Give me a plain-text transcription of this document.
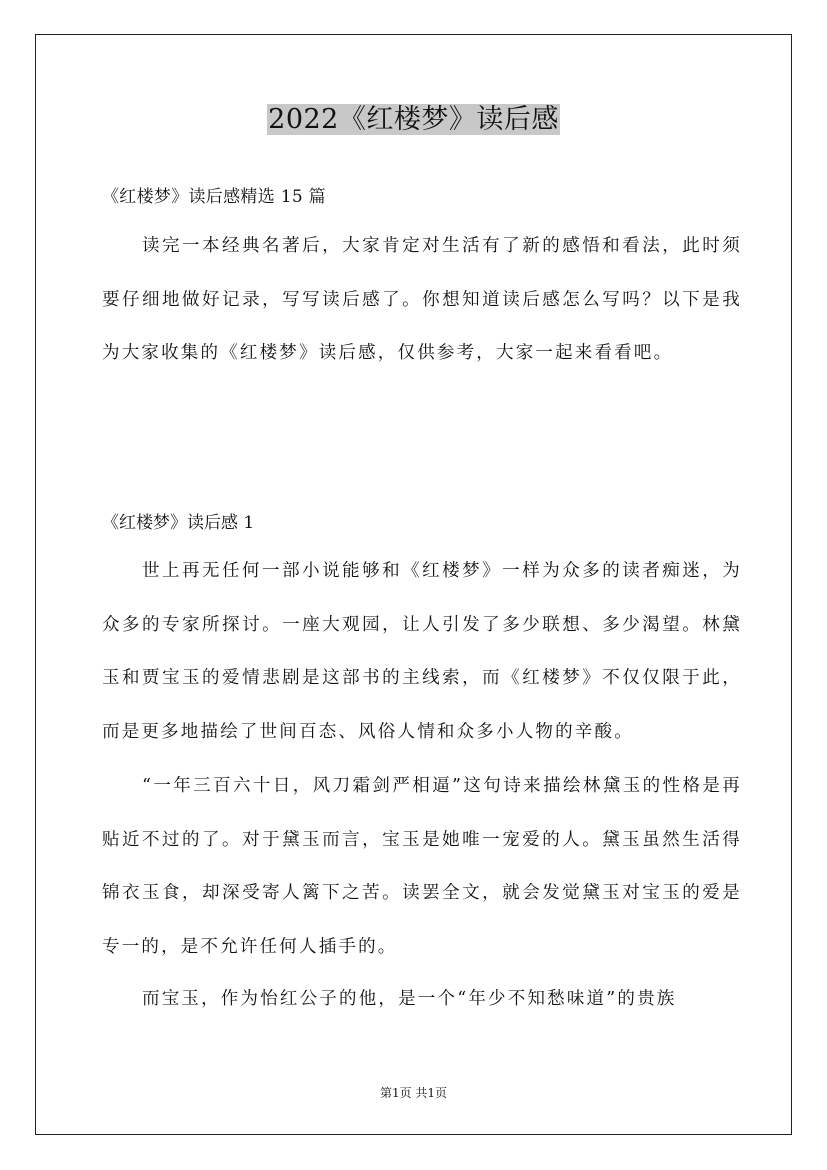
2022《红楼梦》读后感
《红楼梦》读后感精选 15 篇

读完一本经典名著后，大家肯定对生活有了新的感悟和看法，此时须要仔细地做好记录，写写读后感了。你想知道读后感怎么写吗？以下是我为大家收集的《红楼梦》读后感，仅供参考，大家一起来看看吧。

《红楼梦》读后感 1

世上再无任何一部小说能够和《红楼梦》一样为众多的读者痴迷，为众多的专家所探讨。一座大观园，让人引发了多少联想、多少渴望。林黛玉和贾宝玉的爱情悲剧是这部书的主线索，而《红楼梦》不仅仅限于此，而是更多地描绘了世间百态、风俗人情和众多小人物的辛酸。

“一年三百六十日，风刀霜剑严相逼”这句诗来描绘林黛玉的性格是再贴近不过的了。对于黛玉而言，宝玉是她唯一宠爱的人。黛玉虽然生活得锦衣玉食，却深受寄人篱下之苦。读罢全文，就会发觉黛玉对宝玉的爱是专一的，是不允许任何人插手的。

而宝玉，作为怡红公子的他，是一个“年少不知愁味道”的贵族

第1页 共1页
